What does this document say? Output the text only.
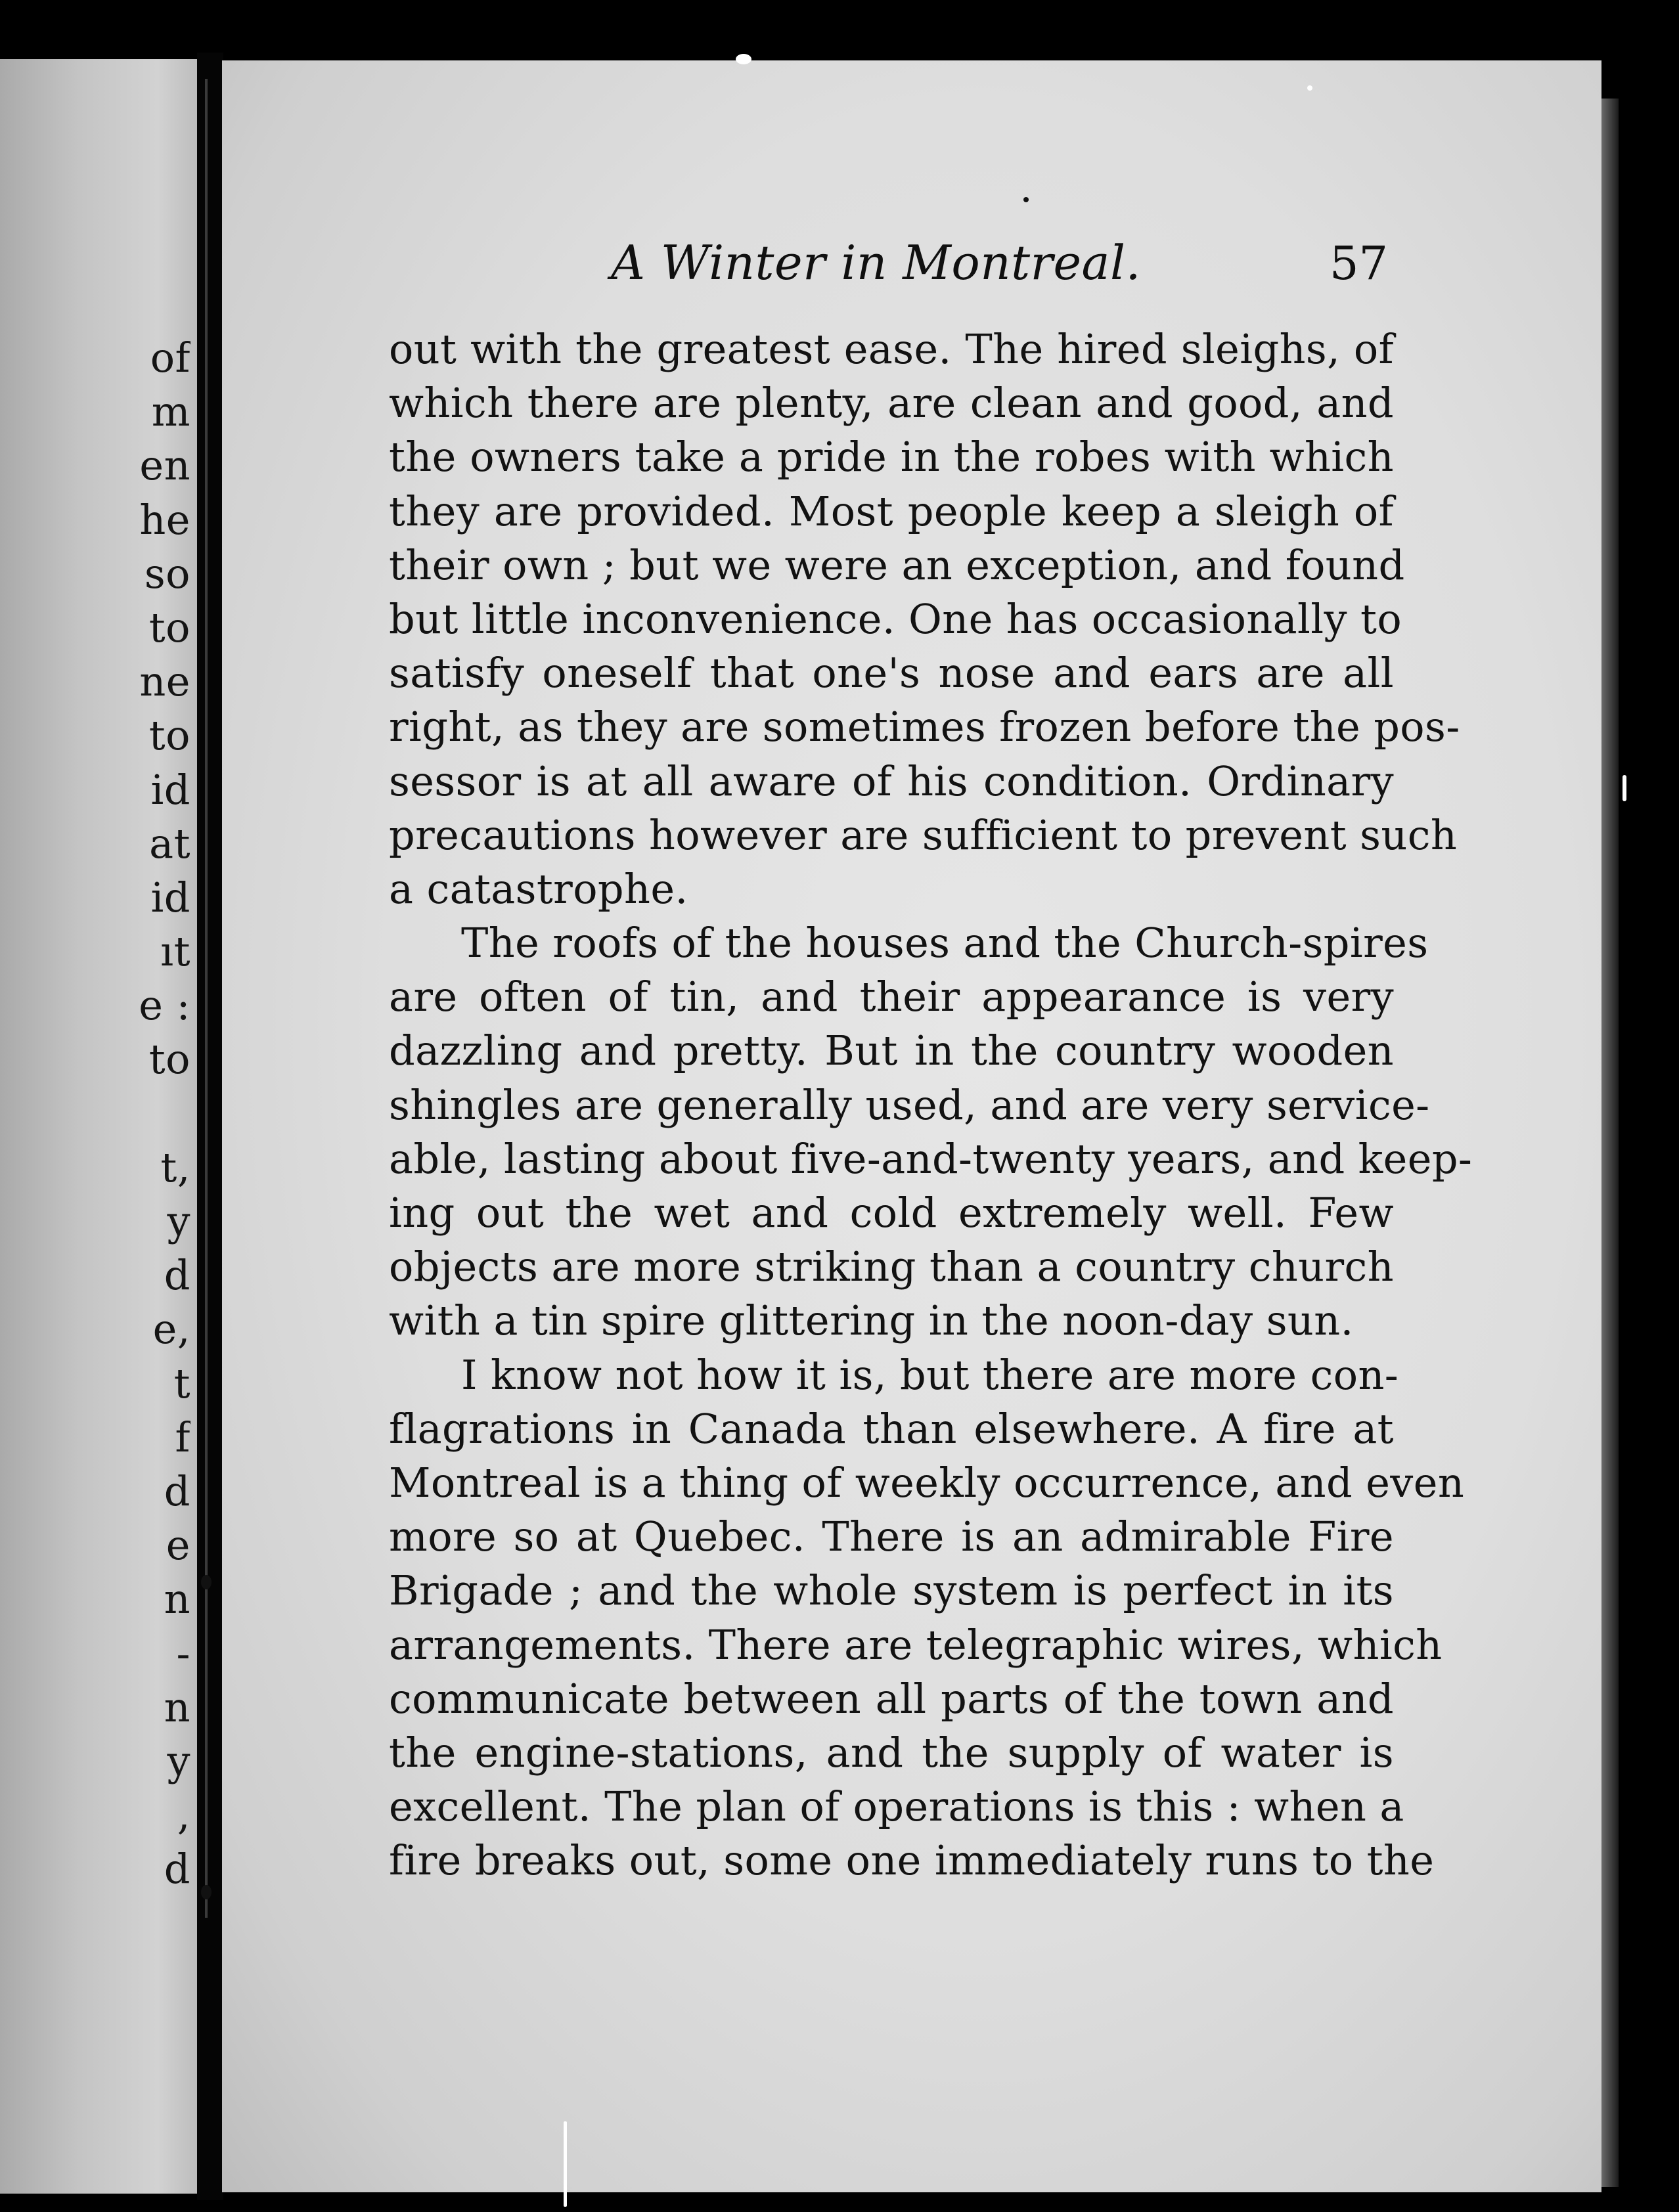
of
m
en
he
so
to
ne
to
id
at
id
ıt
e :
to
t,
y
d
e,
t
f
d
e
n
-
n
y
,
d
A Winter in Montreal.	57
out with the greatest ease. The hired sleighs, of
which there are plenty, are clean and good, and
the owners take a pride in the robes with which
they are provided. Most people keep a sleigh of
their own ; but we were an exception, and found
but little inconvenience. One has occasionally to
satisfy oneself that one's nose and ears are all
right, as they are sometimes frozen before the pos-
sessor is at all aware of his condition. Ordinary
precautions however are sufficient to prevent such
a catastrophe.
The roofs of the houses and the Church-spires
are often of tin, and their appearance is very
dazzling and pretty. But in the country wooden
shingles are generally used, and are very service-
able, lasting about five-and-twenty years, and keep-
ing out the wet and cold extremely well. Few
objects are more striking than a country church
with a tin spire glittering in the noon-day sun.
I know not how it is, but there are more con-
flagrations in Canada than elsewhere. A fire at
Montreal is a thing of weekly occurrence, and even
more so at Quebec. There is an admirable Fire
Brigade ; and the whole system is perfect in its
arrangements. There are telegraphic wires, which
communicate between all parts of the town and
the engine-stations, and the supply of water is
excellent. The plan of operations is this : when a
fire breaks out, some one immediately runs to the
